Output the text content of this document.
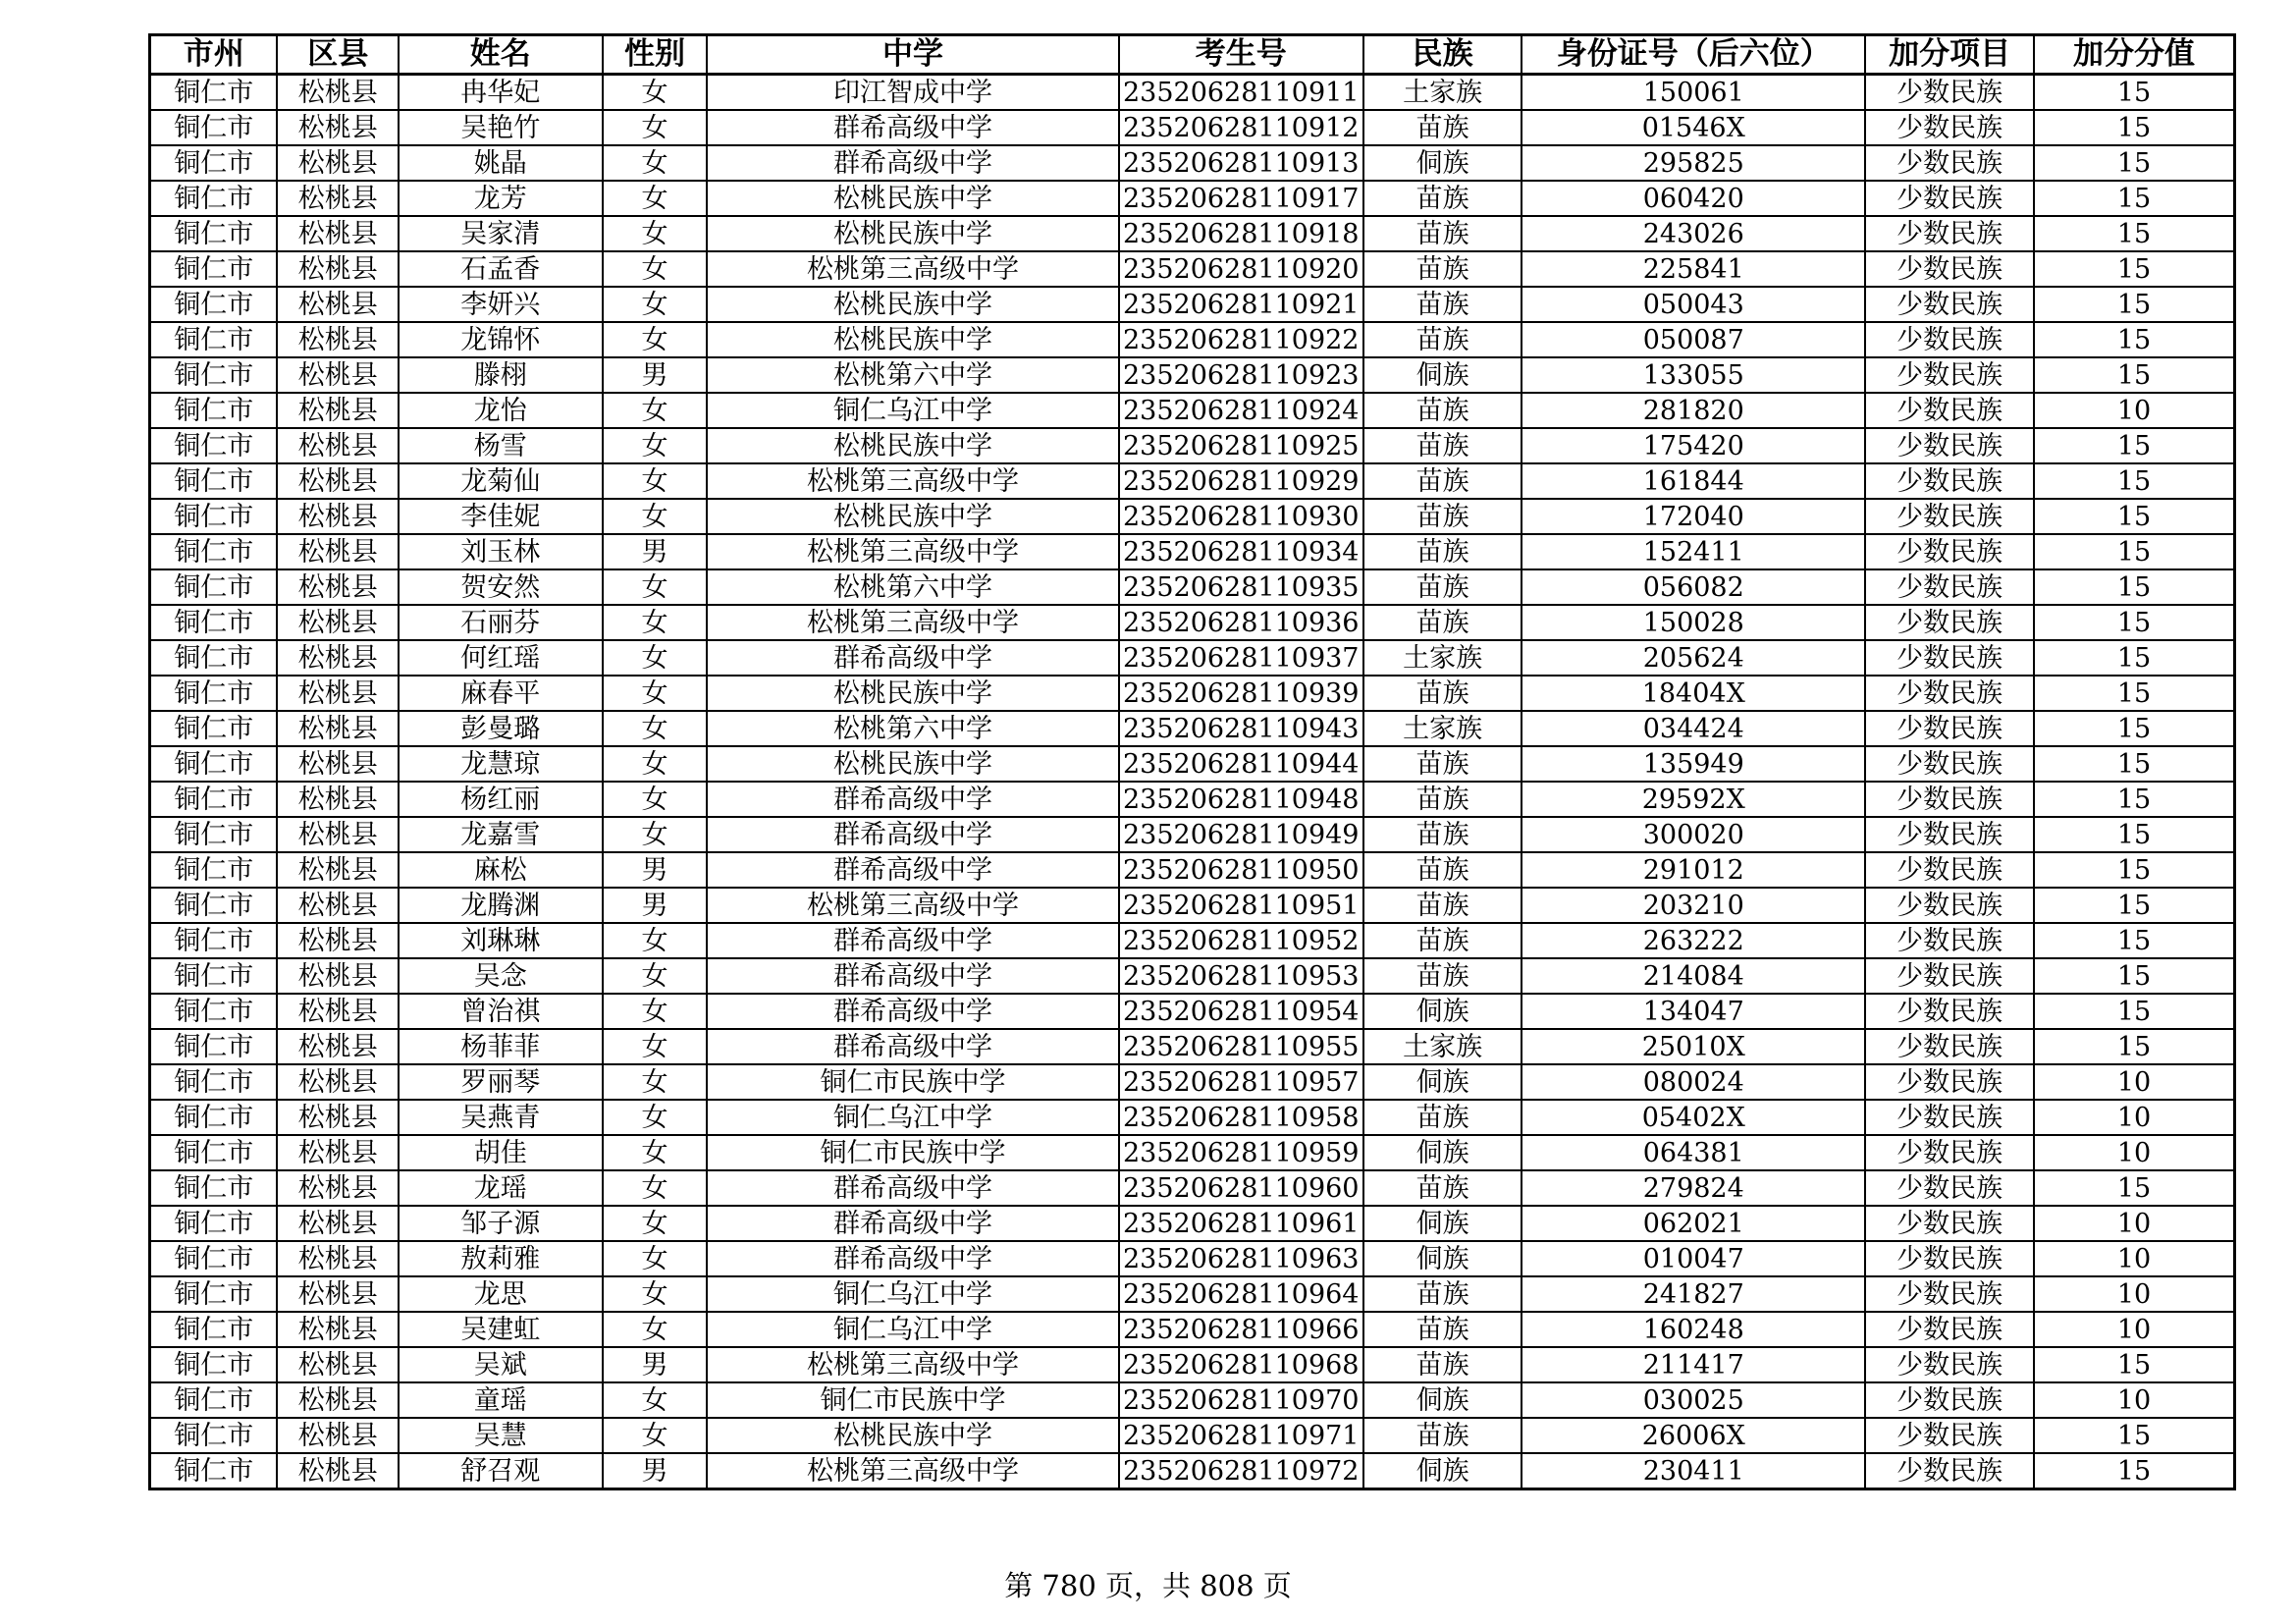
市州	区县	姓名	性别	中学	考生号	民族	身份证号（后六位）	加分项目	加分分值
铜仁市	松桃县	冉华妃	女	印江智成中学	23520628110911	土家族	150061	少数民族	15
铜仁市	松桃县	吴艳竹	女	群希高级中学	23520628110912	苗族	01546X	少数民族	15
铜仁市	松桃县	姚晶	女	群希高级中学	23520628110913	侗族	295825	少数民族	15
铜仁市	松桃县	龙芳	女	松桃民族中学	23520628110917	苗族	060420	少数民族	15
铜仁市	松桃县	吴家清	女	松桃民族中学	23520628110918	苗族	243026	少数民族	15
铜仁市	松桃县	石孟香	女	松桃第三高级中学	23520628110920	苗族	225841	少数民族	15
铜仁市	松桃县	李妍兴	女	松桃民族中学	23520628110921	苗族	050043	少数民族	15
铜仁市	松桃县	龙锦怀	女	松桃民族中学	23520628110922	苗族	050087	少数民族	15
铜仁市	松桃县	滕栩	男	松桃第六中学	23520628110923	侗族	133055	少数民族	15
铜仁市	松桃县	龙怡	女	铜仁乌江中学	23520628110924	苗族	281820	少数民族	10
铜仁市	松桃县	杨雪	女	松桃民族中学	23520628110925	苗族	175420	少数民族	15
铜仁市	松桃县	龙菊仙	女	松桃第三高级中学	23520628110929	苗族	161844	少数民族	15
铜仁市	松桃县	李佳妮	女	松桃民族中学	23520628110930	苗族	172040	少数民族	15
铜仁市	松桃县	刘玉林	男	松桃第三高级中学	23520628110934	苗族	152411	少数民族	15
铜仁市	松桃县	贺安然	女	松桃第六中学	23520628110935	苗族	056082	少数民族	15
铜仁市	松桃县	石丽芬	女	松桃第三高级中学	23520628110936	苗族	150028	少数民族	15
铜仁市	松桃县	何红瑶	女	群希高级中学	23520628110937	土家族	205624	少数民族	15
铜仁市	松桃县	麻春平	女	松桃民族中学	23520628110939	苗族	18404X	少数民族	15
铜仁市	松桃县	彭曼璐	女	松桃第六中学	23520628110943	土家族	034424	少数民族	15
铜仁市	松桃县	龙慧琼	女	松桃民族中学	23520628110944	苗族	135949	少数民族	15
铜仁市	松桃县	杨红丽	女	群希高级中学	23520628110948	苗族	29592X	少数民族	15
铜仁市	松桃县	龙嘉雪	女	群希高级中学	23520628110949	苗族	300020	少数民族	15
铜仁市	松桃县	麻松	男	群希高级中学	23520628110950	苗族	291012	少数民族	15
铜仁市	松桃县	龙腾渊	男	松桃第三高级中学	23520628110951	苗族	203210	少数民族	15
铜仁市	松桃县	刘琳琳	女	群希高级中学	23520628110952	苗族	263222	少数民族	15
铜仁市	松桃县	吴念	女	群希高级中学	23520628110953	苗族	214084	少数民族	15
铜仁市	松桃县	曾治祺	女	群希高级中学	23520628110954	侗族	134047	少数民族	15
铜仁市	松桃县	杨菲菲	女	群希高级中学	23520628110955	土家族	25010X	少数民族	15
铜仁市	松桃县	罗丽琴	女	铜仁市民族中学	23520628110957	侗族	080024	少数民族	10
铜仁市	松桃县	吴燕青	女	铜仁乌江中学	23520628110958	苗族	05402X	少数民族	10
铜仁市	松桃县	胡佳	女	铜仁市民族中学	23520628110959	侗族	064381	少数民族	10
铜仁市	松桃县	龙瑶	女	群希高级中学	23520628110960	苗族	279824	少数民族	15
铜仁市	松桃县	邹子源	女	群希高级中学	23520628110961	侗族	062021	少数民族	10
铜仁市	松桃县	敖莉雅	女	群希高级中学	23520628110963	侗族	010047	少数民族	10
铜仁市	松桃县	龙思	女	铜仁乌江中学	23520628110964	苗族	241827	少数民族	10
铜仁市	松桃县	吴建虹	女	铜仁乌江中学	23520628110966	苗族	160248	少数民族	10
铜仁市	松桃县	吴斌	男	松桃第三高级中学	23520628110968	苗族	211417	少数民族	15
铜仁市	松桃县	童瑶	女	铜仁市民族中学	23520628110970	侗族	030025	少数民族	10
铜仁市	松桃县	吴慧	女	松桃民族中学	23520628110971	苗族	26006X	少数民族	15
铜仁市	松桃县	舒召观	男	松桃第三高级中学	23520628110972	侗族	230411	少数民族	15
第 780 页，共 808 页
